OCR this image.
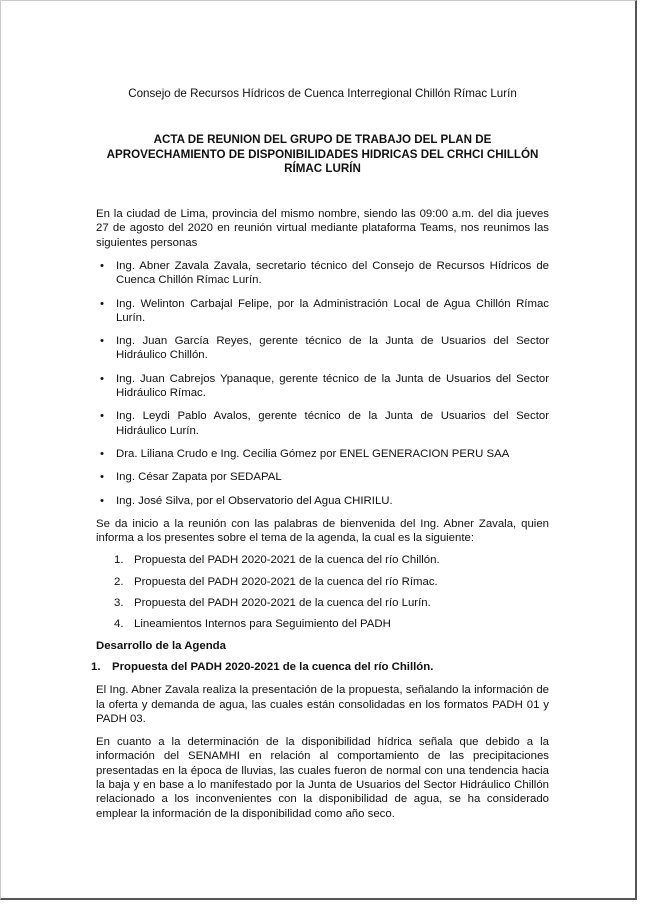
Consejo de Recursos Hídricos de Cuenca Interregional Chillón Rímac Lurín

ACTA DE REUNION DEL GRUPO DE TRABAJO DEL PLAN DE APROVECHAMIENTO DE DISPONIBILIDADES HIDRICAS DEL CRHCI CHILLÓN RÍMAC LURÍN

En la ciudad de Lima, provincia del mismo nombre, siendo las 09:00 a.m. del dia jueves 27 de agosto del 2020 en reunión virtual mediante plataforma Teams, nos reunimos las siguientes personas

• Ing. Abner Zavala Zavala, secretario técnico del Consejo de Recursos Hídricos de Cuenca Chillón Rímac Lurín.
• Ing. Welinton Carbajal Felipe, por la Administración Local de Agua Chillón Rímac Lurín.
• Ing. Juan García Reyes, gerente técnico de la Junta de Usuarios del Sector Hidráulico Chillón.
• Ing. Juan Cabrejos Ypanaque, gerente técnico de la Junta de Usuarios del Sector Hidráulico Rímac.
• Ing. Leydi Pablo Avalos, gerente técnico de la Junta de Usuarios del Sector Hidráulico Lurín.
• Dra. Liliana Crudo e Ing. Cecilia Gómez por ENEL GENERACION PERU SAA
• Ing. César Zapata por SEDAPAL
• Ing. José Silva, por el Observatorio del Agua CHIRILU.

Se da inicio a la reunión con las palabras de bienvenida del Ing. Abner Zavala, quien informa a los presentes sobre el tema de la agenda, la cual es la siguiente:

1. Propuesta del PADH 2020-2021 de la cuenca del río Chillón.
2. Propuesta del PADH 2020-2021 de la cuenca del río Rímac.
3. Propuesta del PADH 2020-2021 de la cuenca del río Lurín.
4. Lineamientos Internos para Seguimiento del PADH

Desarrollo de la Agenda

1. Propuesta del PADH 2020-2021 de la cuenca del río Chillón.

El Ing. Abner Zavala realiza la presentación de la propuesta, señalando la información de la oferta y demanda de agua, las cuales están consolidadas en los formatos PADH 01 y PADH 03.

En cuanto a la determinación de la disponibilidad hídrica señala que debido a la información del SENAMHI en relación al comportamiento de las precipitaciones presentadas en la época de lluvias, las cuales fueron de normal con una tendencia hacia la baja y en base a lo manifestado por la Junta de Usuarios del Sector Hidráulico Chillón relacionado a los inconvenientes con la disponibilidad de agua, se ha considerado emplear la información de la disponibilidad como año seco.
